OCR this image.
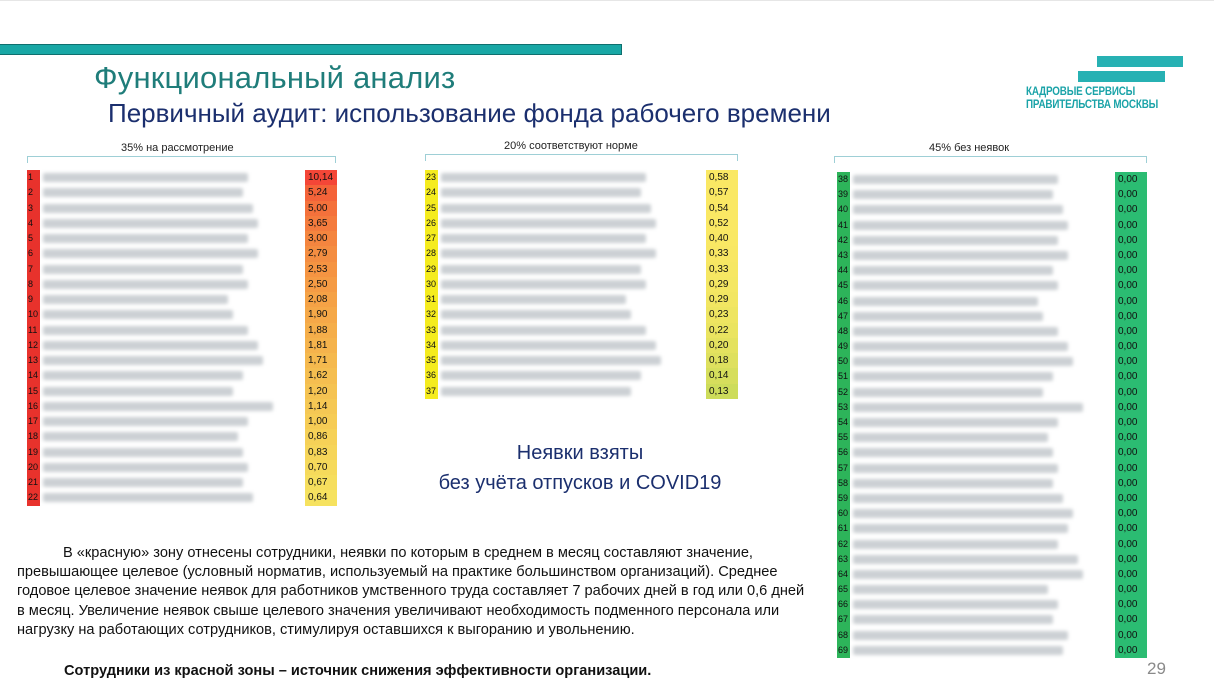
Функциональный анализ
Первичный аудит: использование фонда рабочего времени
КАДРОВЫЕ СЕРВИСЫ
ПРАВИТЕЛЬСТВА МОСКВЫ
35% на рассмотрение	20% соответствуют норме	45% без неявок
1	10,14
2	5,24
3	5,00
4	3,65
5	3,00
6	2,79
7	2,53
8	2,50
9	2,08
10	1,90
11	1,88
12	1,81
13	1,71
14	1,62
15	1,20
16	1,14
17	1,00
18	0,86
19	0,83
20	0,70
21	0,67
22	0,64
23	0,58
24	0,57
25	0,54
26	0,52
27	0,40
28	0,33
29	0,33
30	0,29
31	0,29
32	0,23
33	0,22
34	0,20
35	0,18
36	0,14
37	0,13
38	0,00
39	0,00
40	0,00
41	0,00
42	0,00
43	0,00
44	0,00
45	0,00
46	0,00
47	0,00
48	0,00
49	0,00
50	0,00
51	0,00
52	0,00
53	0,00
54	0,00
55	0,00
56	0,00
57	0,00
58	0,00
59	0,00
60	0,00
61	0,00
62	0,00
63	0,00
64	0,00
65	0,00
66	0,00
67	0,00
68	0,00
69	0,00
Неявки взяты
без учёта отпусков и COVID19

В «красную» зону отнесены сотрудники, неявки по которым в среднем в месяц составляют значение, превышающее целевое (условный норматив, используемый на практике большинством организаций). Среднее годовое целевое значение неявок для работников умственного труда составляет 7 рабочих дней в год или 0,6 дней в месяц. Увеличение неявок свыше целевого значения увеличивают необходимость подменного персонала или нагрузку на работающих сотрудников, стимулируя оставшихся к выгоранию и увольнению.

Сотрудники из красной зоны – источник снижения эффективности организации.	29
